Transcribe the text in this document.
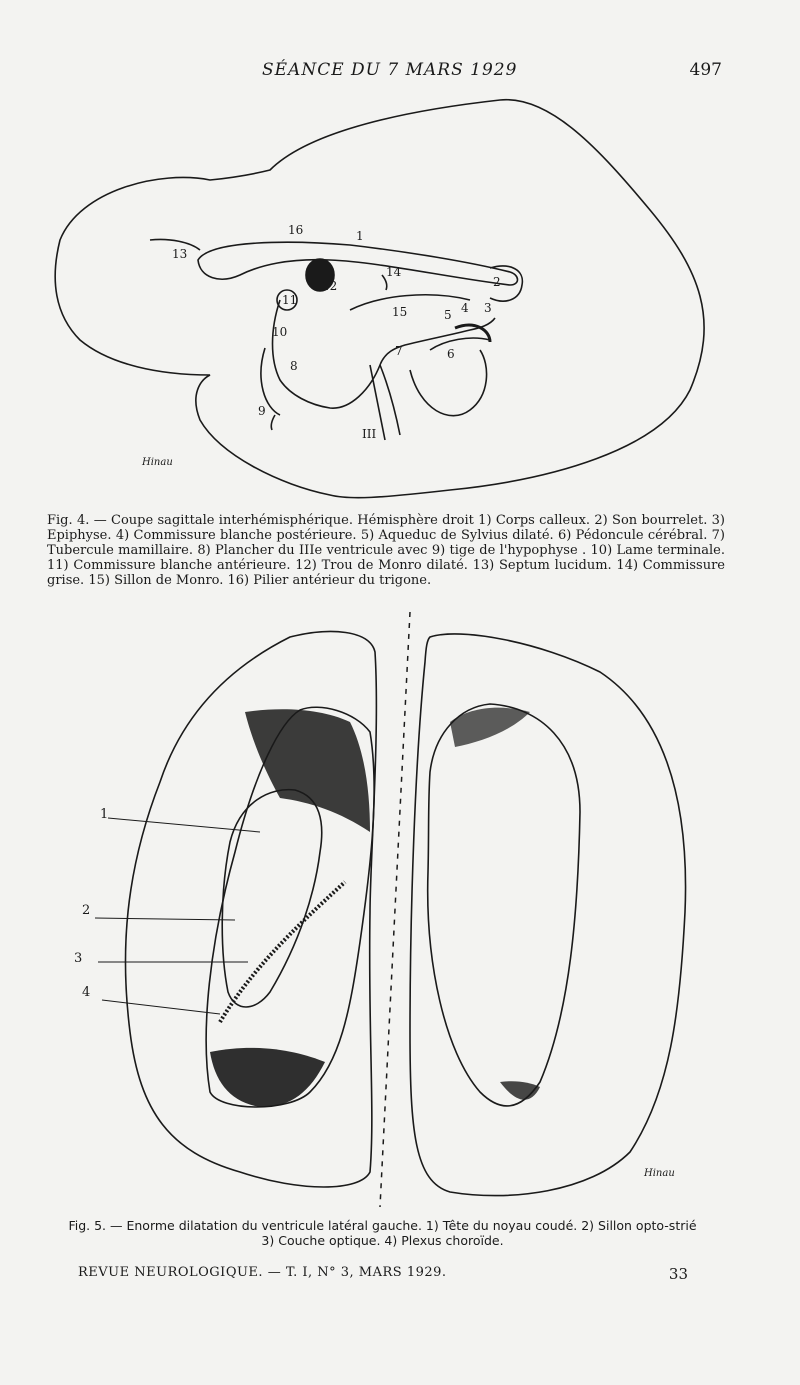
SÉANCE DU 7 MARS 1929	497
1
2
3
4
5
6
7
8
9
10
11
12
13
14
15
16
III
Hinau
Fig. 4. — Coupe sagittale interhémisphérique. Hémisphère droit 1) Corps calleux. 2) Son bourrelet. 3) Epiphyse. 4) Commissure blanche postérieure. 5) Aqueduc de Sylvius dilaté. 6) Pédoncule cérébral. 7) Tubercule mamillaire. 8) Plancher du IIIe ventricule avec 9) tige de l'hypophyse . 10) Lame terminale. 11) Commissure blanche antérieure. 12) Trou de Monro dilaté. 13) Septum lucidum. 14) Commissure grise. 15) Sillon de Monro. 16) Pilier antérieur du trigone.
1
2
3
4
Hinau
Fig. 5. — Enorme dilatation du ventricule latéral gauche. 1) Tête du noyau coudé. 2) Sillon opto-strié
3) Couche optique. 4) Plexus choroïde.
REVUE NEUROLOGIQUE. — T. I, N° 3, MARS 1929.	33
